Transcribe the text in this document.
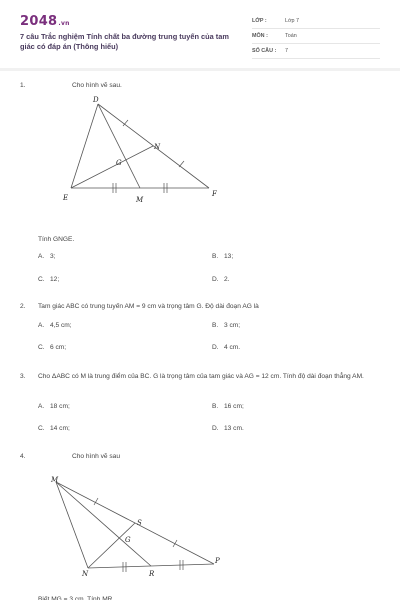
2048.vn
7 câu Trắc nghiệm Tính chất ba đường trung tuyến của tam giác có đáp án (Thông hiểu)
LỚP :	Lớp 7
MÔN :	Toán
SỐ CÂU : 7
1.	Cho hình vẽ sau.
D
N
G
E	M
F
Tính GNGE.
A. 3;	B. 13;
C. 12;	D. 2.
2. Tam giác ABC có trung tuyến AM = 9 cm và trọng tâm G. Độ dài đoạn AG là
A. 4,5 cm;	B. 3 cm;
C. 6 cm;	D. 4 cm.
3. Cho ΔABC có M là trung điểm của BC. G là trọng tâm của tam giác và AG = 12 cm. Tính độ dài đoạn thẳng AM.
A. 18 cm;	B. 16 cm;
C. 14 cm;	D. 13 cm.
4.	Cho hình vẽ sau
M
S
G
N	R
P
Biết MG = 3 cm. Tính MR.
